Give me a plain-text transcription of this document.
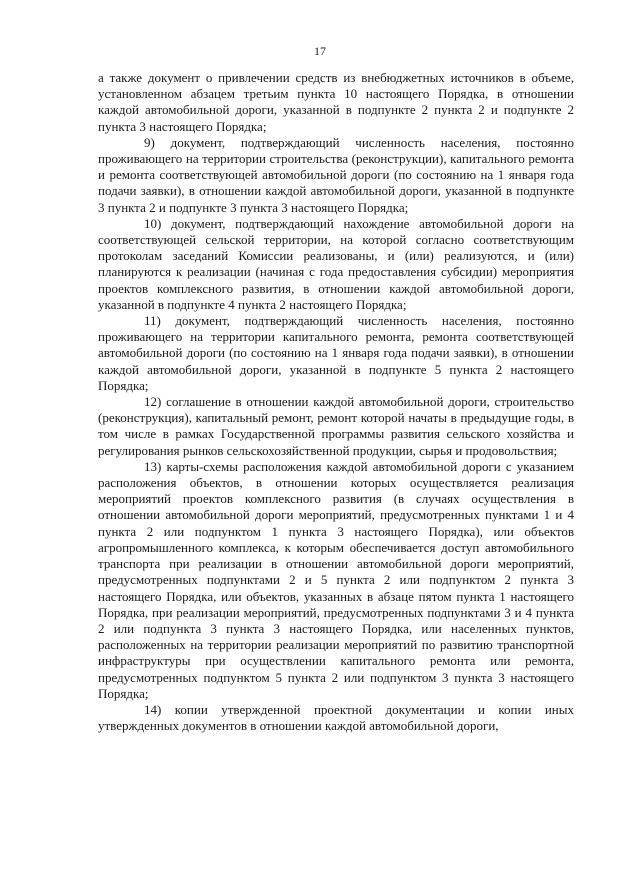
17

а также документ о привлечении средств из внебюджетных источников в объеме, установленном абзацем третьим пункта 10 настоящего Порядка, в отношении каждой автомобильной дороги, указанной в подпункте 2 пункта 2 и подпункте 2 пункта 3 настоящего Порядка;

9) документ, подтверждающий численность населения, постоянно проживающего на территории строительства (реконструкции), капитального ремонта и ремонта соответствующей автомобильной дороги (по состоянию на 1 января года подачи заявки), в отношении каждой автомобильной дороги, указанной в подпункте 3 пункта 2 и подпункте 3 пункта 3 настоящего Порядка;

10) документ, подтверждающий нахождение автомобильной дороги на соответствующей сельской территории, на которой согласно соответствующим протоколам заседаний Комиссии реализованы, и (или) реализуются, и (или) планируются к реализации (начиная с года предоставления субсидии) мероприятия проектов комплексного развития, в отношении каждой автомобильной дороги, указанной в подпункте 4 пункта 2 настоящего Порядка;

11) документ, подтверждающий численность населения, постоянно проживающего на территории капитального ремонта, ремонта соответствующей автомобильной дороги (по состоянию на 1 января года подачи заявки), в отношении каждой автомобильной дороги, указанной в подпункте 5 пункта 2 настоящего Порядка;

12) соглашение в отношении каждой автомобильной дороги, строительство (реконструкция), капитальный ремонт, ремонт которой начаты в предыдущие годы, в том числе в рамках Государственной программы развития сельского хозяйства и регулирования рынков сельскохозяйственной продукции, сырья и продовольствия;

13) карты-схемы расположения каждой автомобильной дороги с указанием расположения объектов, в отношении которых осуществляется реализация мероприятий проектов комплексного развития (в случаях осуществления в отношении автомобильной дороги мероприятий, предусмотренных пунктами 1 и 4 пункта 2 или подпунктом 1 пункта 3 настоящего Порядка), или объектов агропромышленного комплекса, к которым обеспечивается доступ автомобильного транспорта при реализации в отношении автомобильной дороги мероприятий, предусмотренных подпунктами 2 и 5 пункта 2 или подпунктом 2 пункта 3 настоящего Порядка, или объектов, указанных в абзаце пятом пункта 1 настоящего Порядка, при реализации мероприятий, предусмотренных подпунктами 3 и 4 пункта 2 или подпункта 3 пункта 3 настоящего Порядка, или населенных пунктов, расположенных на территории реализации мероприятий по развитию транспортной инфраструктуры при осуществлении капитального ремонта или ремонта, предусмотренных подпунктом 5 пункта 2 или подпунктом 3 пункта 3 настоящего Порядка;

14) копии утвержденной проектной документации и копии иных утвержденных документов в отношении каждой автомобильной дороги,
